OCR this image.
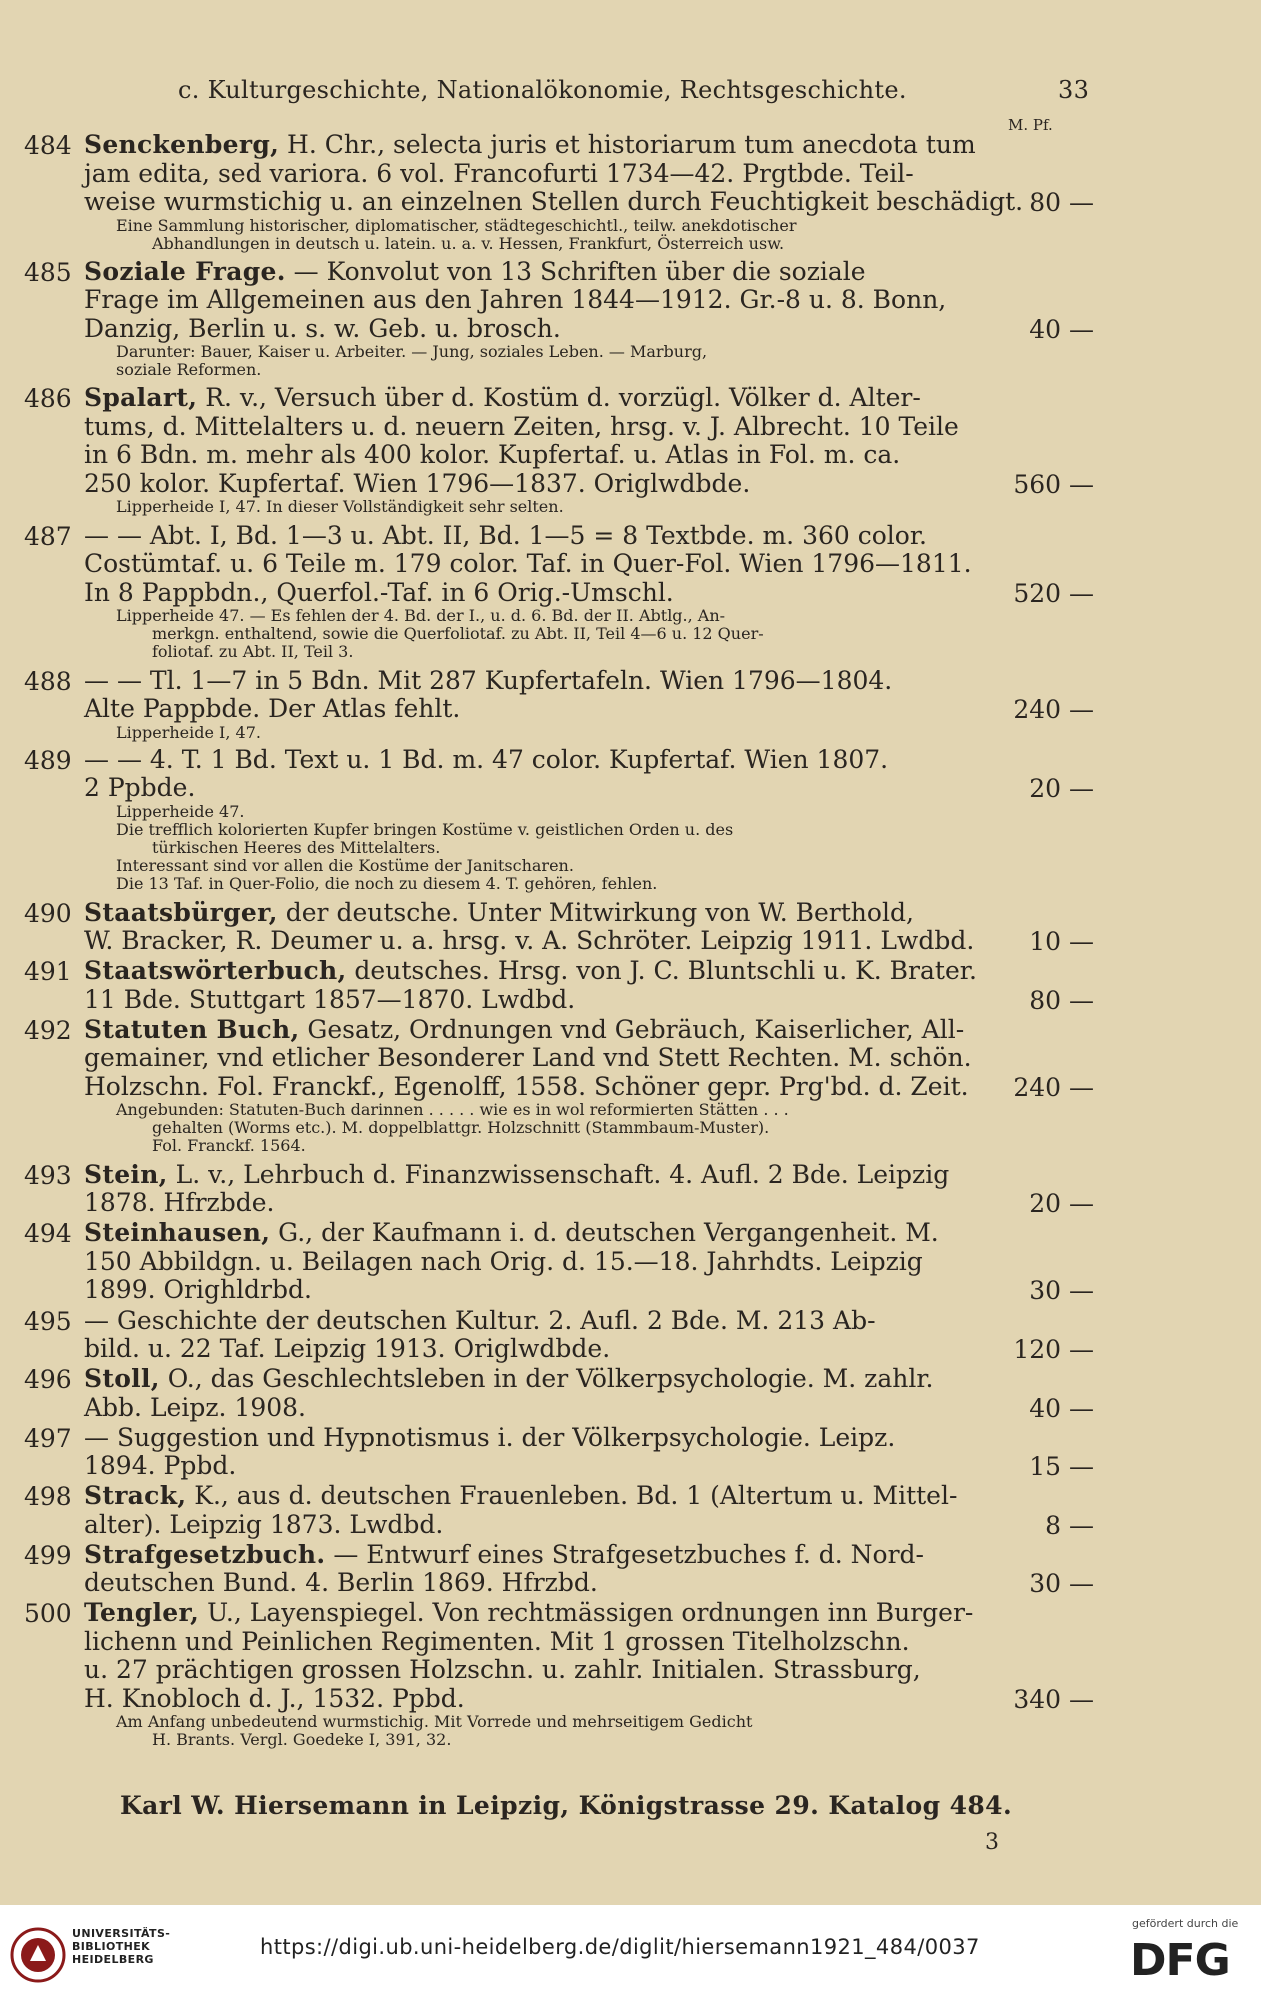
c. Kulturgeschichte, Nationalökonomie, Rechtsgeschichte.	33
M. Pf.
484 Senckenberg, H. Chr., selecta juris et historiarum tum anecdota tum
jam edita, sed variora. 6 vol. Francofurti 1734—42. Prgtbde. Teil-
weise wurmstichig u. an einzelnen Stellen durch Feuchtigkeit beschädigt. 80 —
Eine Sammlung historischer, diplomatischer, städtegeschichtl., teilw. anekdotischer
Abhandlungen in deutsch u. latein. u. a. v. Hessen, Frankfurt, Österreich usw.
485 Soziale Frage. — Konvolut von 13 Schriften über die soziale
Frage im Allgemeinen aus den Jahren 1844—1912. Gr.-8 u. 8. Bonn,
Danzig, Berlin u. s. w. Geb. u. brosch.	40 —
Darunter: Bauer, Kaiser u. Arbeiter. — Jung, soziales Leben. — Marburg,
soziale Reformen.
486 Spalart, R. v., Versuch über d. Kostüm d. vorzügl. Völker d. Alter-
tums, d. Mittelalters u. d. neuern Zeiten, hrsg. v. J. Albrecht. 10 Teile
in 6 Bdn. m. mehr als 400 kolor. Kupfertaf. u. Atlas in Fol. m. ca.
250 kolor. Kupfertaf. Wien 1796—1837. Origlwdbde.	560 —
Lipperheide I, 47. In dieser Vollständigkeit sehr selten.
487 — — Abt. I, Bd. 1—3 u. Abt. II, Bd. 1—5 = 8 Textbde. m. 360 color.
Costümtaf. u. 6 Teile m. 179 color. Taf. in Quer-Fol. Wien 1796—1811.
In 8 Pappbdn., Querfol.-Taf. in 6 Orig.-Umschl.	520 —
Lipperheide 47. — Es fehlen der 4. Bd. der I., u. d. 6. Bd. der II. Abtlg., An-
merkgn. enthaltend, sowie die Querfoliotaf. zu Abt. II, Teil 4—6 u. 12 Quer-
foliotaf. zu Abt. II, Teil 3.
488 — — Tl. 1—7 in 5 Bdn. Mit 287 Kupfertafeln. Wien 1796—1804.
Alte Pappbde. Der Atlas fehlt.	240 —
Lipperheide I, 47.
489 — — 4. T. 1 Bd. Text u. 1 Bd. m. 47 color. Kupfertaf. Wien 1807.
2 Ppbde.	20 —
Lipperheide 47.
Die trefflich kolorierten Kupfer bringen Kostüme v. geistlichen Orden u. des
türkischen Heeres des Mittelalters.
Interessant sind vor allen die Kostüme der Janitscharen.
Die 13 Taf. in Quer-Folio, die noch zu diesem 4. T. gehören, fehlen.
490 Staatsbürger, der deutsche. Unter Mitwirkung von W. Berthold,
W. Bracker, R. Deumer u. a. hrsg. v. A. Schröter. Leipzig 1911. Lwdbd.	10 —
491 Staatswörterbuch, deutsches. Hrsg. von J. C. Bluntschli u. K. Brater.
11 Bde. Stuttgart 1857—1870. Lwdbd.	80 —
492 Statuten Buch, Gesatz, Ordnungen vnd Gebräuch, Kaiserlicher, All-
gemainer, vnd etlicher Besonderer Land vnd Stett Rechten. M. schön.
Holzschn. Fol. Franckf., Egenolff, 1558. Schöner gepr. Prg'bd. d. Zeit.	240 —
Angebunden: Statuten-Buch darinnen . . . . . wie es in wol reformierten Stätten . . .
gehalten (Worms etc.). M. doppelblattgr. Holzschnitt (Stammbaum-Muster).
Fol. Franckf. 1564.
493 Stein, L. v., Lehrbuch d. Finanzwissenschaft. 4. Aufl. 2 Bde. Leipzig
1878. Hfrzbde.	20 —
494 Steinhausen, G., der Kaufmann i. d. deutschen Vergangenheit. M.
150 Abbildgn. u. Beilagen nach Orig. d. 15.—18. Jahrhdts. Leipzig
1899. Orighldrbd.	30 —
495 — Geschichte der deutschen Kultur. 2. Aufl. 2 Bde. M. 213 Ab-
bild. u. 22 Taf. Leipzig 1913. Origlwdbde.	120 —
496 Stoll, O., das Geschlechtsleben in der Völkerpsychologie. M. zahlr.
Abb. Leipz. 1908.	40 —
497 — Suggestion und Hypnotismus i. der Völkerpsychologie. Leipz.
1894. Ppbd.	15 —
498 Strack, K., aus d. deutschen Frauenleben. Bd. 1 (Altertum u. Mittel-
alter). Leipzig 1873. Lwdbd.	8 —
499 Strafgesetzbuch. — Entwurf eines Strafgesetzbuches f. d. Nord-
deutschen Bund. 4. Berlin 1869. Hfrzbd.	30 —
500 Tengler, U., Layenspiegel. Von rechtmässigen ordnungen inn Burger-
lichenn und Peinlichen Regimenten. Mit 1 grossen Titelholzschn.
u. 27 prächtigen grossen Holzschn. u. zahlr. Initialen. Strassburg,
H. Knobloch d. J., 1532. Ppbd.	340 —
Am Anfang unbedeutend wurmstichig. Mit Vorrede und mehrseitigem Gedicht
H. Brants. Vergl. Goedeke I, 391, 32.
Karl W. Hiersemann in Leipzig, Königstrasse 29. Katalog 484.
3
UNIVERSITÄTS-
BIBLIOTHEK
HEIDELBERG
https://digi.ub.uni-heidelberg.de/diglit/hiersemann1921_484/0037
gefördert durch die
DFG
